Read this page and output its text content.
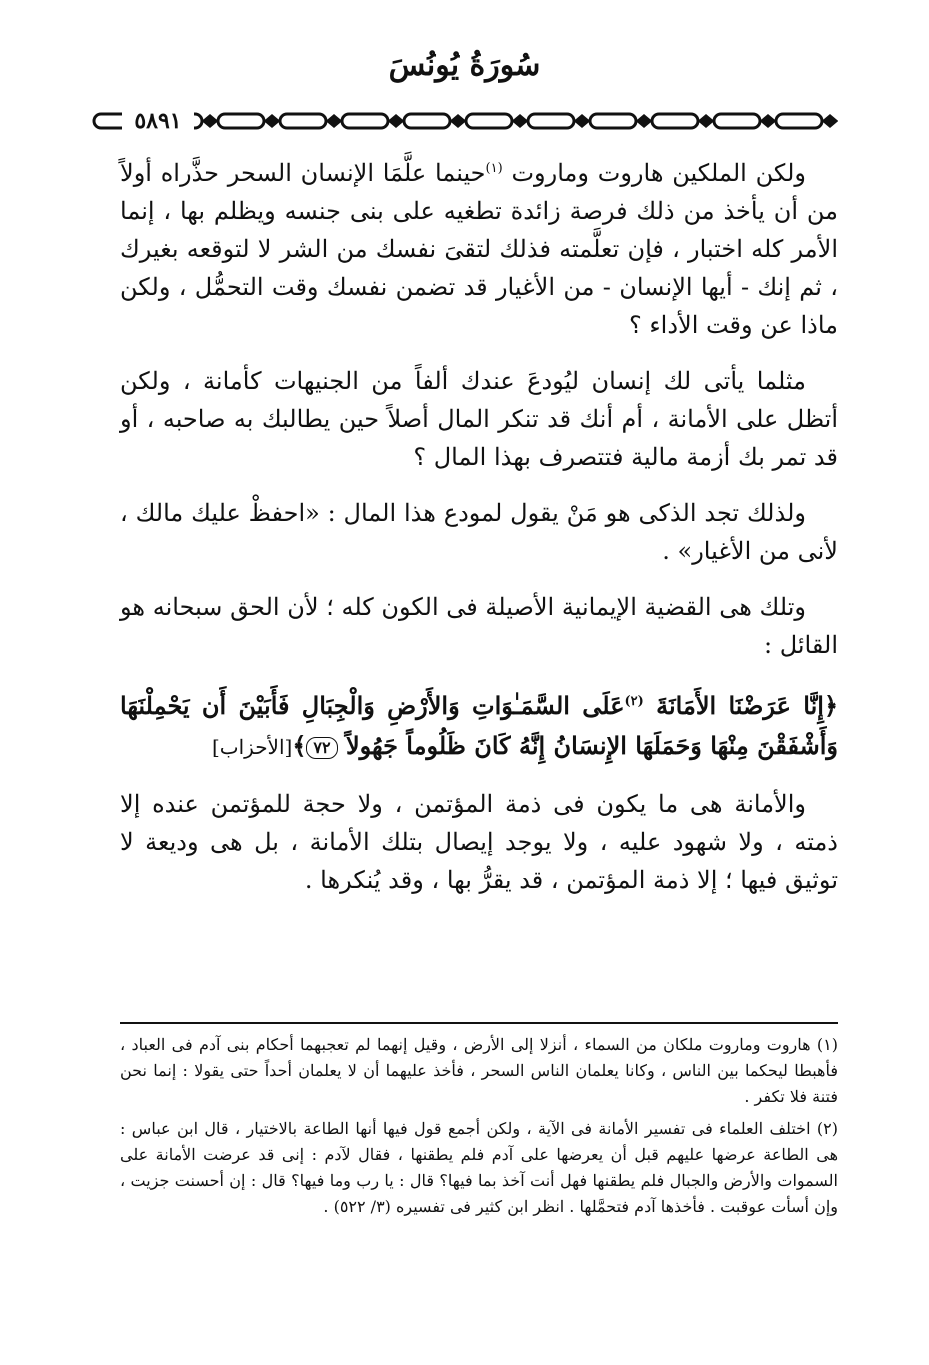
سُورَةُ يُونُسَ
٥٨٩١

ولكن الملكين هاروت وماروت $^{(١)}$حينما علَّمَا الإنسان السحر حذَّراه أولاً من أن يأخذ من ذلك فرصة زائدة تطغيه على بنى جنسه ويظلم بها ، إنما الأمر كله اختبار ، فإن تعلَّمته فذلك لتقىَ نفسك من الشر لا لتوقعه بغيرك ، ثم إنك - أيها الإنسان - من الأغيار قد تضمن نفسك وقت التحمُّل ، ولكن ماذا عن وقت الأداء ؟

مثلما يأتى لك إنسان ليُودعَ عندك ألفاً من الجنيهات كأمانة ، ولكن أتظل على الأمانة ، أم أنك قد تنكر المال أصلاً حين يطالبك به صاحبه ، أو قد تمر بك أزمة مالية فتتصرف بهذا المال ؟

ولذلك تجد الذكى هو مَنْ يقول لمودع هذا المال : «احفظْ عليك مالك ، لأنى من الأغيار» .

وتلك هى القضية الإيمانية الأصيلة فى الكون كله ؛ لأن الحق سبحانه هو القائل :

﴿إِنَّا عَرَضْنَا الأَمَانَةَ $^{(٢)}$عَلَى السَّمَـٰوَاتِ وَالأَرْضِ وَالْجِبَالِ فَأَبَيْنَ أَن يَحْمِلْنَهَا وَأَشْفَقْنَ مِنْهَا وَحَمَلَهَا الإِنسَانُ إِنَّهُ كَانَ ظَلُوماً جَهُولاً ٧٢﴾[الأحزاب]

والأمانة هى ما يكون فى ذمة المؤتمن ، ولا حجة للمؤتمن عنده إلا ذمته ، ولا شهود عليه ، ولا يوجد إيصال بتلك الأمانة ، بل هى وديعة لا توثيق فيها ؛ إلا ذمة المؤتمن ، قد يقرُّ بها ، وقد يُنكرها .

(١) هاروت وماروت ملكان من السماء ، أنزلا إلى الأرض ، وقيل إنهما لم تعجبهما أحكام بنى آدم فى العباد ، فأهبطا ليحكما بين الناس ، وكانا يعلمان الناس السحر ، فأخذ عليهما أن لا يعلمان أحداً حتى يقولا : إنما نحن فتنة فلا تكفر .

(٢) اختلف العلماء فى تفسير الأمانة فى الآية ، ولكن أجمع قول فيها أنها الطاعة بالاختيار ، قال ابن عباس : هى الطاعة عرضها عليهم قبل أن يعرضها على آدم فلم يطقنها ، فقال لآدم : إنى قد عرضت الأمانة على السموات والأرض والجبال فلم يطقنها فهل أنت آخذ بما فيها؟ قال : يا رب وما فيها؟ قال : إن أحسنت جزيت ، وإن أسأت عوقبت . فأخذها آدم فتحمَّلها . انظر ابن كثير فى تفسيره (٣/ ٥٢٢) .
